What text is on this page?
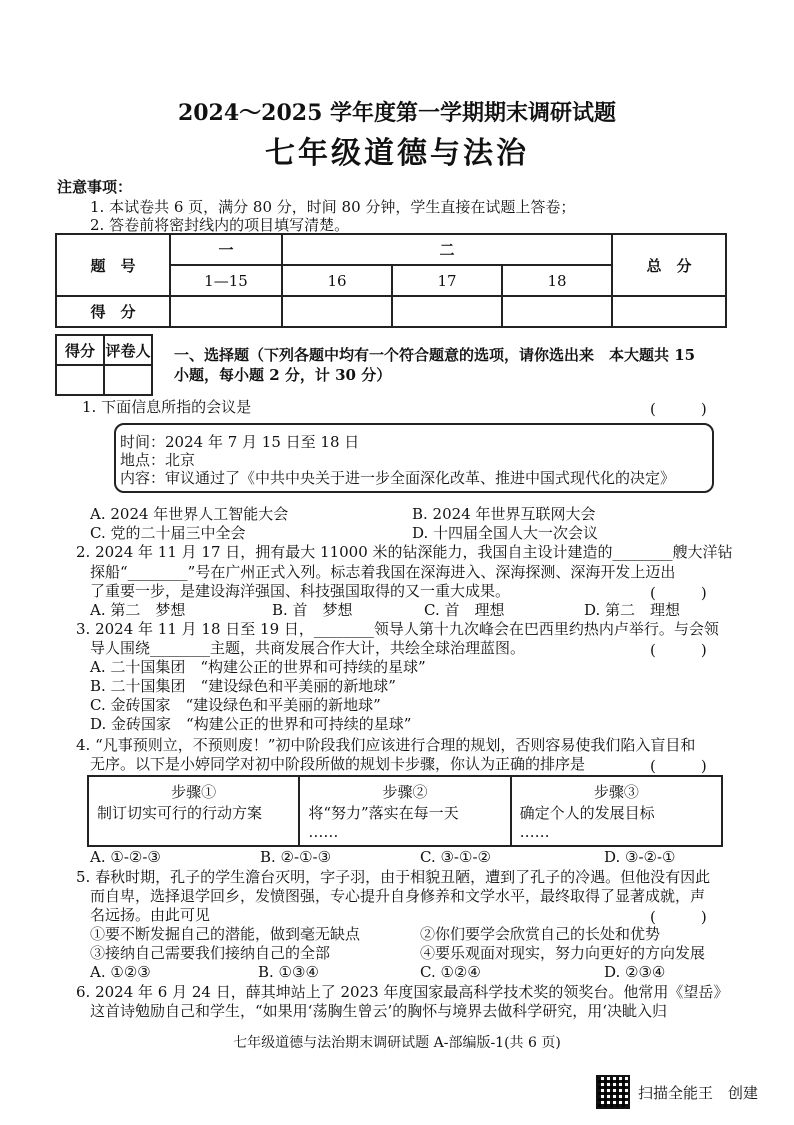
2024～2025 学年度第一学期期末调研试题
七年级道德与法治
注意事项：
1. 本试卷共 6 页，满分 80 分，时间 80 分钟，学生直接在试题上答卷；
2. 答卷前将密封线内的项目填写清楚。
题　号	一	二			总　分
	1—15	16	17	18	
得　分					
得分	评卷人
	一、选择题（下列各题中均有一个符合题意的选项，请你选出来　本大题共 15
小题，每小题 2 分，计 30 分）
1. 下面信息所指的会议是	(　　　)
时间：2024 年 7 月 15 日至 18 日
地点：北京
内容：审议通过了《中共中央关于进一步全面深化改革、推进中国式现代化的决定》
A. 2024 年世界人工智能大会	B. 2024 年世界互联网大会
C. 党的二十届三中全会	D. 十四届全国人大一次会议
2. 2024 年 11 月 17 日，拥有最大 11000 米的钻深能力，我国自主设计建造的________艘大洋钻
探船“________”号在广州正式入列。标志着我国在深海进入、深海探测、深海开发上迈出
了重要一步，是建设海洋强国、科技强国取得的又一重大成果。	(　　　)
A. 第二　梦想	B. 首　梦想	C. 首　理想	D. 第二　理想
3. 2024 年 11 月 18 日至 19 日，________领导人第十九次峰会在巴西里约热内卢举行。与会领
导人围绕________主题，共商发展合作大计，共绘全球治理蓝图。	(　　　)
A. 二十国集团　“构建公正的世界和可持续的星球”
B. 二十国集团　“建设绿色和平美丽的新地球”
C. 金砖国家　“建设绿色和平美丽的新地球”
D. 金砖国家　“构建公正的世界和可持续的星球”
4. “凡事预则立，不预则废！”初中阶段我们应该进行合理的规划，否则容易使我们陷入盲目和
无序。以下是小婷同学对初中阶段所做的规划卡步骤，你认为正确的排序是	(　　　)
步骤①
制订切实可行的行动方案

步骤②
将“努力”落实在每一天
……

步骤③
确定个人的发展目标
……
A. ①-②-③	B. ②-①-③	C. ③-①-②	D. ③-②-①
5. 春秋时期，孔子的学生澹台灭明，字子羽，由于相貌丑陋，遭到了孔子的冷遇。但他没有因此
而自卑，选择退学回乡，发愤图强，专心提升自身修养和文学水平，最终取得了显著成就，声
名远扬。由此可见	(　　　)
①要不断发掘自己的潜能，做到毫无缺点	②你们要学会欣赏自己的长处和优势
③接纳自己需要我们接纳自己的全部	④要乐观面对现实，努力向更好的方向发展
A. ①②③	B. ①③④	C. ①②④	D. ②③④
6. 2024 年 6 月 24 日，薛其坤站上了 2023 年度国家最高科学技术奖的领奖台。他常用《望岳》
这首诗勉励自己和学生，“如果用‘荡胸生曾云’的胸怀与境界去做科学研究，用‘决眦入归
七年级道德与法治期末调研试题 A-部编版-1(共 6 页)
扫描全能王　创建
